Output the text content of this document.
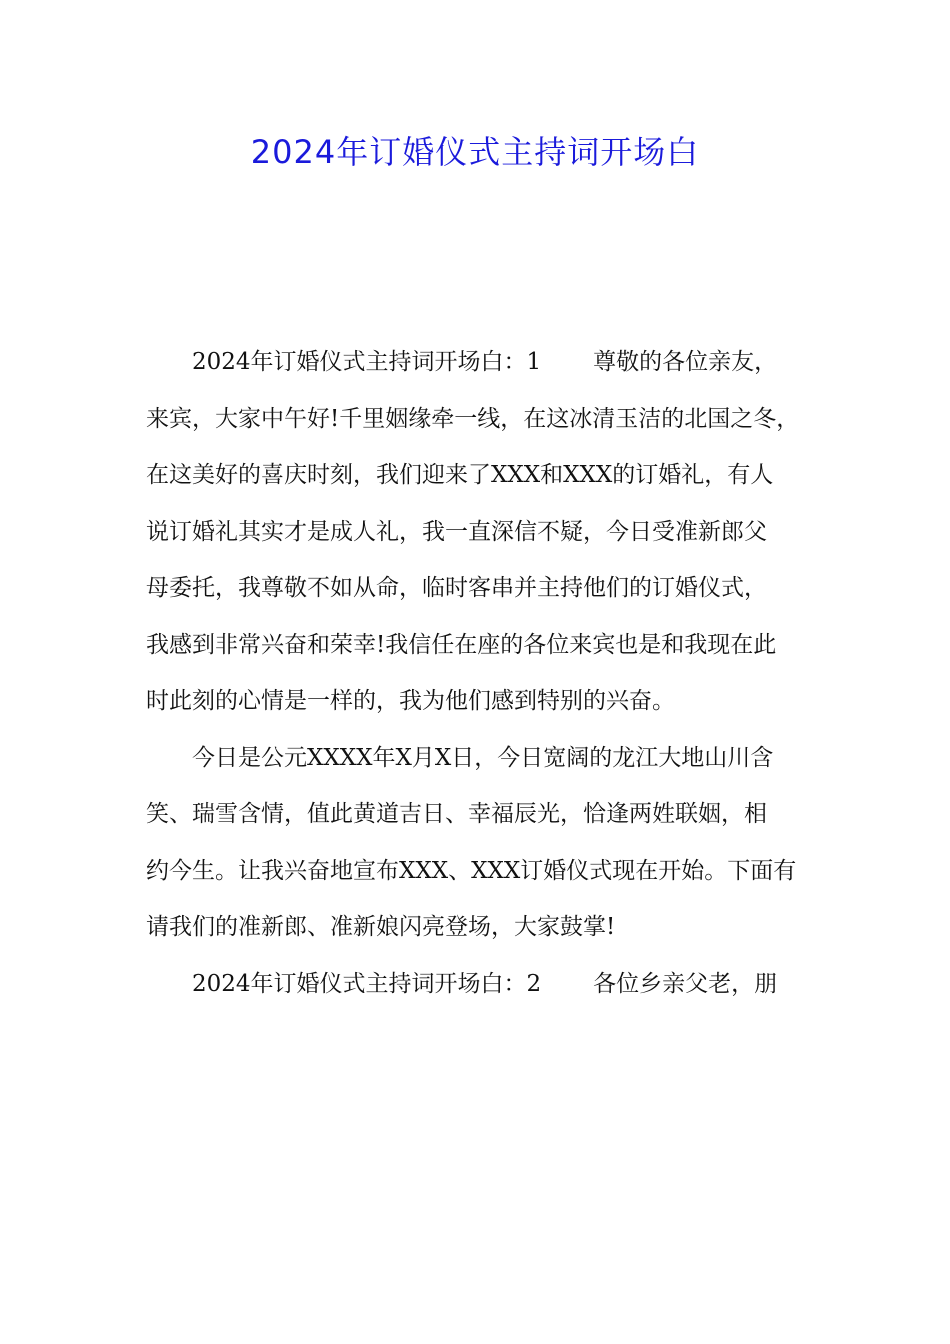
2024年订婚仪式主持词开场白
2024年订婚仪式主持词开场白：1 尊敬的各位亲友，
来宾，大家中午好!千里姻缘牵一线，在这冰清玉洁的北国之冬，
在这美好的喜庆时刻，我们迎来了XXX和XXX的订婚礼，有人
说订婚礼其实才是成人礼，我一直深信不疑，今日受准新郎父
母委托，我尊敬不如从命，临时客串并主持他们的订婚仪式，
我感到非常兴奋和荣幸!我信任在座的各位来宾也是和我现在此
时此刻的心情是一样的，我为他们感到特别的兴奋。
今日是公元XXXX年X月X日，今日宽阔的龙江大地山川含
笑、瑞雪含情，值此黄道吉日、幸福辰光，恰逢两姓联姻，相
约今生。让我兴奋地宣布XXX、XXX订婚仪式现在开始。下面有
请我们的准新郎、准新娘闪亮登场，大家鼓掌!
2024年订婚仪式主持词开场白：2 各位乡亲父老，朋
